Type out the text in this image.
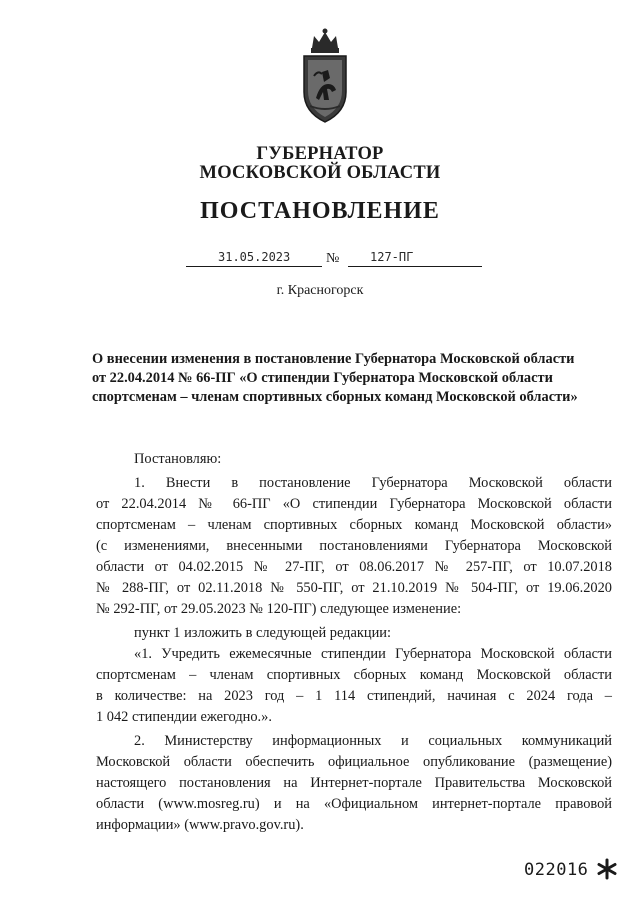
ГУБЕРНАТОР
МОСКОВСКОЙ ОБЛАСТИ
ПОСТАНОВЛЕНИЕ
31.05.2023	№	127-ПГ
г. Красногорск
О внесении изменения в постановление Губернатора Московской области
от 22.04.2014 № 66-ПГ «О стипендии Губернатора Московской области
спортсменам – членам спортивных сборных команд Московской области»
Постановляю:
1. Внести в постановление Губернатора Московской области
от 22.04.2014 № 66-ПГ «О стипендии Губернатора Московской области
спортсменам – членам спортивных сборных команд Московской области»
(с изменениями, внесенными постановлениями Губернатора Московской
области от 04.02.2015 № 27-ПГ, от 08.06.2017 № 257-ПГ, от 10.07.2018
№ 288-ПГ, от 02.11.2018 № 550-ПГ, от 21.10.2019 № 504-ПГ, от 19.06.2020
№ 292-ПГ, от 29.05.2023 № 120-ПГ) следующее изменение:
пункт 1 изложить в следующей редакции:
«1. Учредить ежемесячные стипендии Губернатора Московской области
спортсменам – членам спортивных сборных команд Московской области
в количестве: на 2023 год – 1 114 стипендий, начиная с 2024 года –
1 042 стипендии ежегодно.».
2. Министерству информационных и социальных коммуникаций
Московской области обеспечить официальное опубликование (размещение)
настоящего постановления на Интернет-портале Правительства Московской
области (www.mosreg.ru) и на «Официальном интернет-портале правовой
информации» (www.pravo.gov.ru).
022016
